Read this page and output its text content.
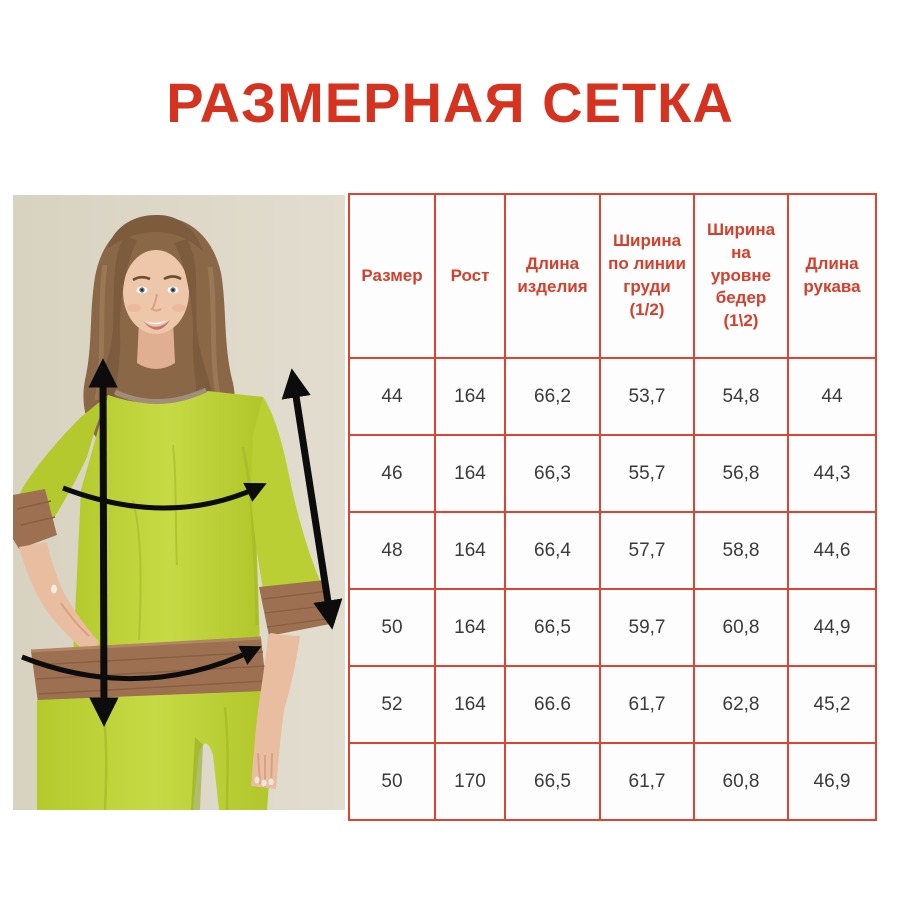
РАЗМЕРНАЯ СЕТКА
Размер	Рост	Длина изделия	Ширина по линии груди (1/2)	Ширина на уровне бедер (1\2)	Длина рукава
44	164	66,2	53,7	54,8	44
46	164	66,3	55,7	56,8	44,3
48	164	66,4	57,7	58,8	44,6
50	164	66,5	59,7	60,8	44,9
52	164	66.6	61,7	62,8	45,2
50	170	66,5	61,7	60,8	46,9
